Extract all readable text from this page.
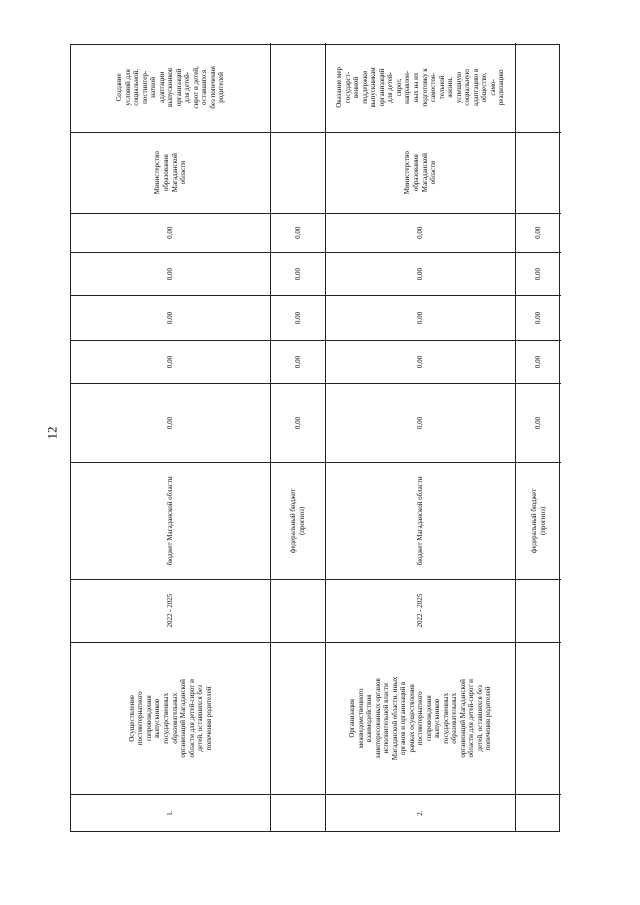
12
1.
Осуществление
постинтернатного
сопровождения
выпускников
государственных
образовательных
организаций Магаданской
области для детей-сирот и
детей, оставшихся без
попечения родителей
2022 - 2025
бюджет Магаданской области
0,00
0,00
0,00
0,00
0,00
Министерство
образования
Магаданской
области
Создание
условий для
социальной,
постинтер-
натной
адаптации
выпускников
организаций
для детей-
сирот и детей,
оставшихся
без попечения
родителей
федеральный бюджет
(прогноз)
0,00
0,00
0,00
0,00
0,00
2.
Организация
межведомственного
взаимодействия
заинтересованных органов
исполнительной власти
Магаданской области, иных
органов и организаций в
рамках осуществления
постинтернатного
сопровождения
выпускников
государственных
образовательных
организаций Магаданской
области для детей-сирот и
детей, оставшихся без
попечения родителей
2022 - 2025
бюджет Магаданской области
0,00
0,00
0,00
0,00
0,00
Министерство
образования
Магаданской
области
Оказание мер
государст-
венной
поддержки
выпускникам
организаций
для детей-
сирот,
направлен-
ных на их
подготовку к
самостоя-
тельной
жизни,
успешную
социальную
адаптацию в
обществе,
само-
реализацию
федеральный бюджет
(прогноз)
0,00
0,00
0,00
0,00
0,00
